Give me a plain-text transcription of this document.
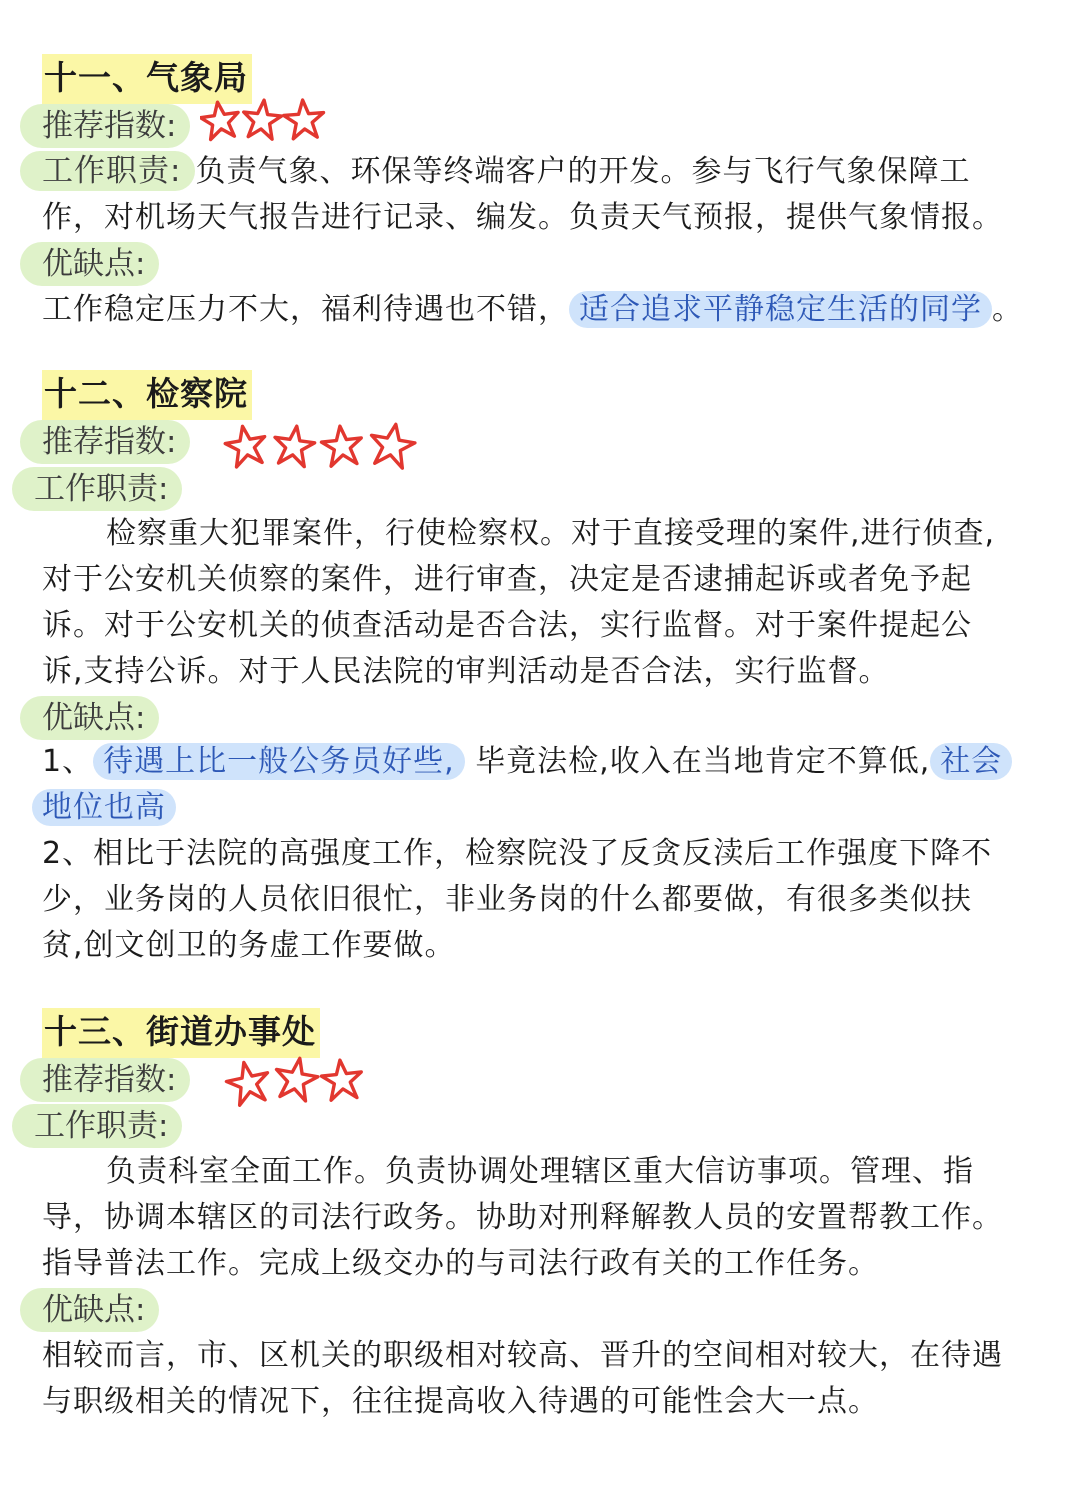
十一、气象局
推荐指数:
工作职责: 负责气象、环保等终端客户的开发。参与飞行气象保障工
作，对机场天气报告进行记录、编发。负责天气预报，提供气象情报。
优缺点:
工作稳定压力不大，福利待遇也不错， 适合追求平静稳定生活的同学 。
十二、检察院
推荐指数:
工作职责:
检察重大犯罪案件，行使检察权。对于直接受理的案件,进行侦查,
对于公安机关侦察的案件，进行审查，决定是否逮捕起诉或者免予起
诉。对于公安机关的侦查活动是否合法，实行监督。对于案件提起公
诉,支持公诉。对于人民法院的审判活动是否合法，实行监督。
优缺点:
1、 待遇上比一般公务员好些, 毕竟法检,收入在当地肯定不算低, 社会
地位也高
2、相比于法院的高强度工作，检察院没了反贪反渎后工作强度下降不
少，业务岗的人员依旧很忙，非业务岗的什么都要做，有很多类似扶
贫,创文创卫的务虚工作要做。
十三、街道办事处
推荐指数:
工作职责:
负责科室全面工作。负责协调处理辖区重大信访事项。管理、指
导，协调本辖区的司法行政务。协助对刑释解教人员的安置帮教工作。
指导普法工作。完成上级交办的与司法行政有关的工作任务。
优缺点:
相较而言，市、区机关的职级相对较高、晋升的空间相对较大，在待遇
与职级相关的情况下，往往提高收入待遇的可能性会大一点。
